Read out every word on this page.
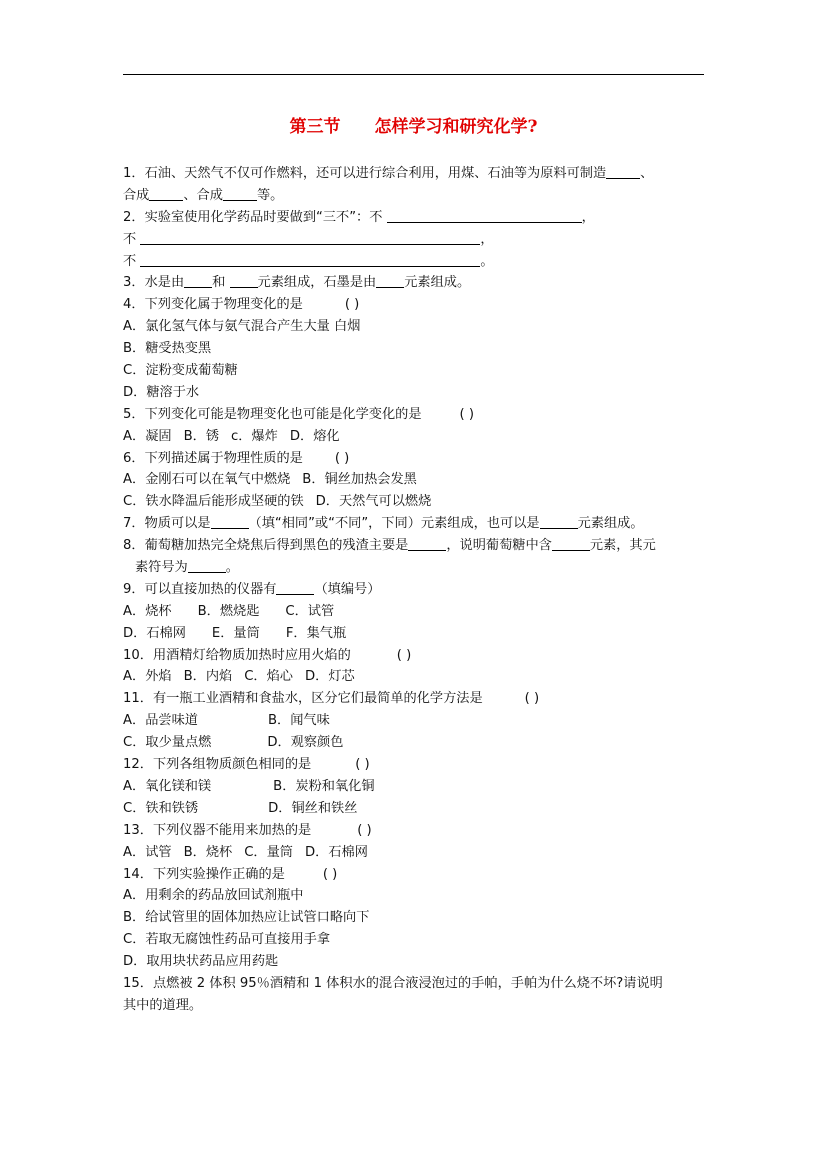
第三节 怎样学习和研究化学?
1．石油、天然气不仅可作燃料，还可以进行综合利用，用煤、石油等为原料可制造	、
合成	、合成	等。
2．实验室使用化学药品时要做到“三不”：不	，
不	，
不	。
3．水是由 和 元素组成，石墨是由 元素组成。
4．下列变化属于物理变化的是	( )
A．氯化氢气体与氨气混合产生大量 白烟
B．糖受热变黑
C．淀粉变成葡萄糖
D．糖溶于水
5．下列变化可能是物理变化也可能是化学变化的是	( )
A．凝固 B．锈 c．爆炸 D．熔化
6．下列描述属于物理性质的是 ( )
A．金刚石可以在氧气中燃烧 B．铜丝加热会发黑
C．铁水降温后能形成坚硬的铁 D．天然气可以燃烧
7．物质可以是	（填“相同”或“不同”，下同）元素组成，也可以是	元素组成。
8．葡萄糖加热完全烧焦后得到黑色的残渣主要是	，说明葡萄糖中含	元素，其元
素符号为	。
9．可以直接加热的仪器有	（填编号）
A．烧杯 B．燃烧匙 C．试管
D．石棉网 E．量筒 F．集气瓶
10．用酒精灯给物质加热时应用火焰的	( )
A．外焰 B．内焰 C．焰心 D．灯芯
11．有一瓶工业酒精和食盐水，区分它们最简单的化学方法是	( )
A．品尝味道	B．闻气味
C．取少量点燃	D．观察颜色
12．下列各组物质颜色相同的是	( )
A．氧化镁和镁	B．炭粉和氧化铜
C．铁和铁锈	D．铜丝和铁丝
13．下列仪器不能用来加热的是	( )
A．试管 B．烧杯 C．量筒 D．石棉网
14．下列实验操作正确的是	( )
A．用剩余的药品放回试剂瓶中
B．给试管里的固体加热应让试管口略向下
C．若取无腐蚀性药品可直接用手拿
D．取用块状药品应用药匙
15．点燃被 2 体积 95％酒精和 1 体积水的混合液浸泡过的手帕，手帕为什么烧不坏?请说明
其中的道理。
